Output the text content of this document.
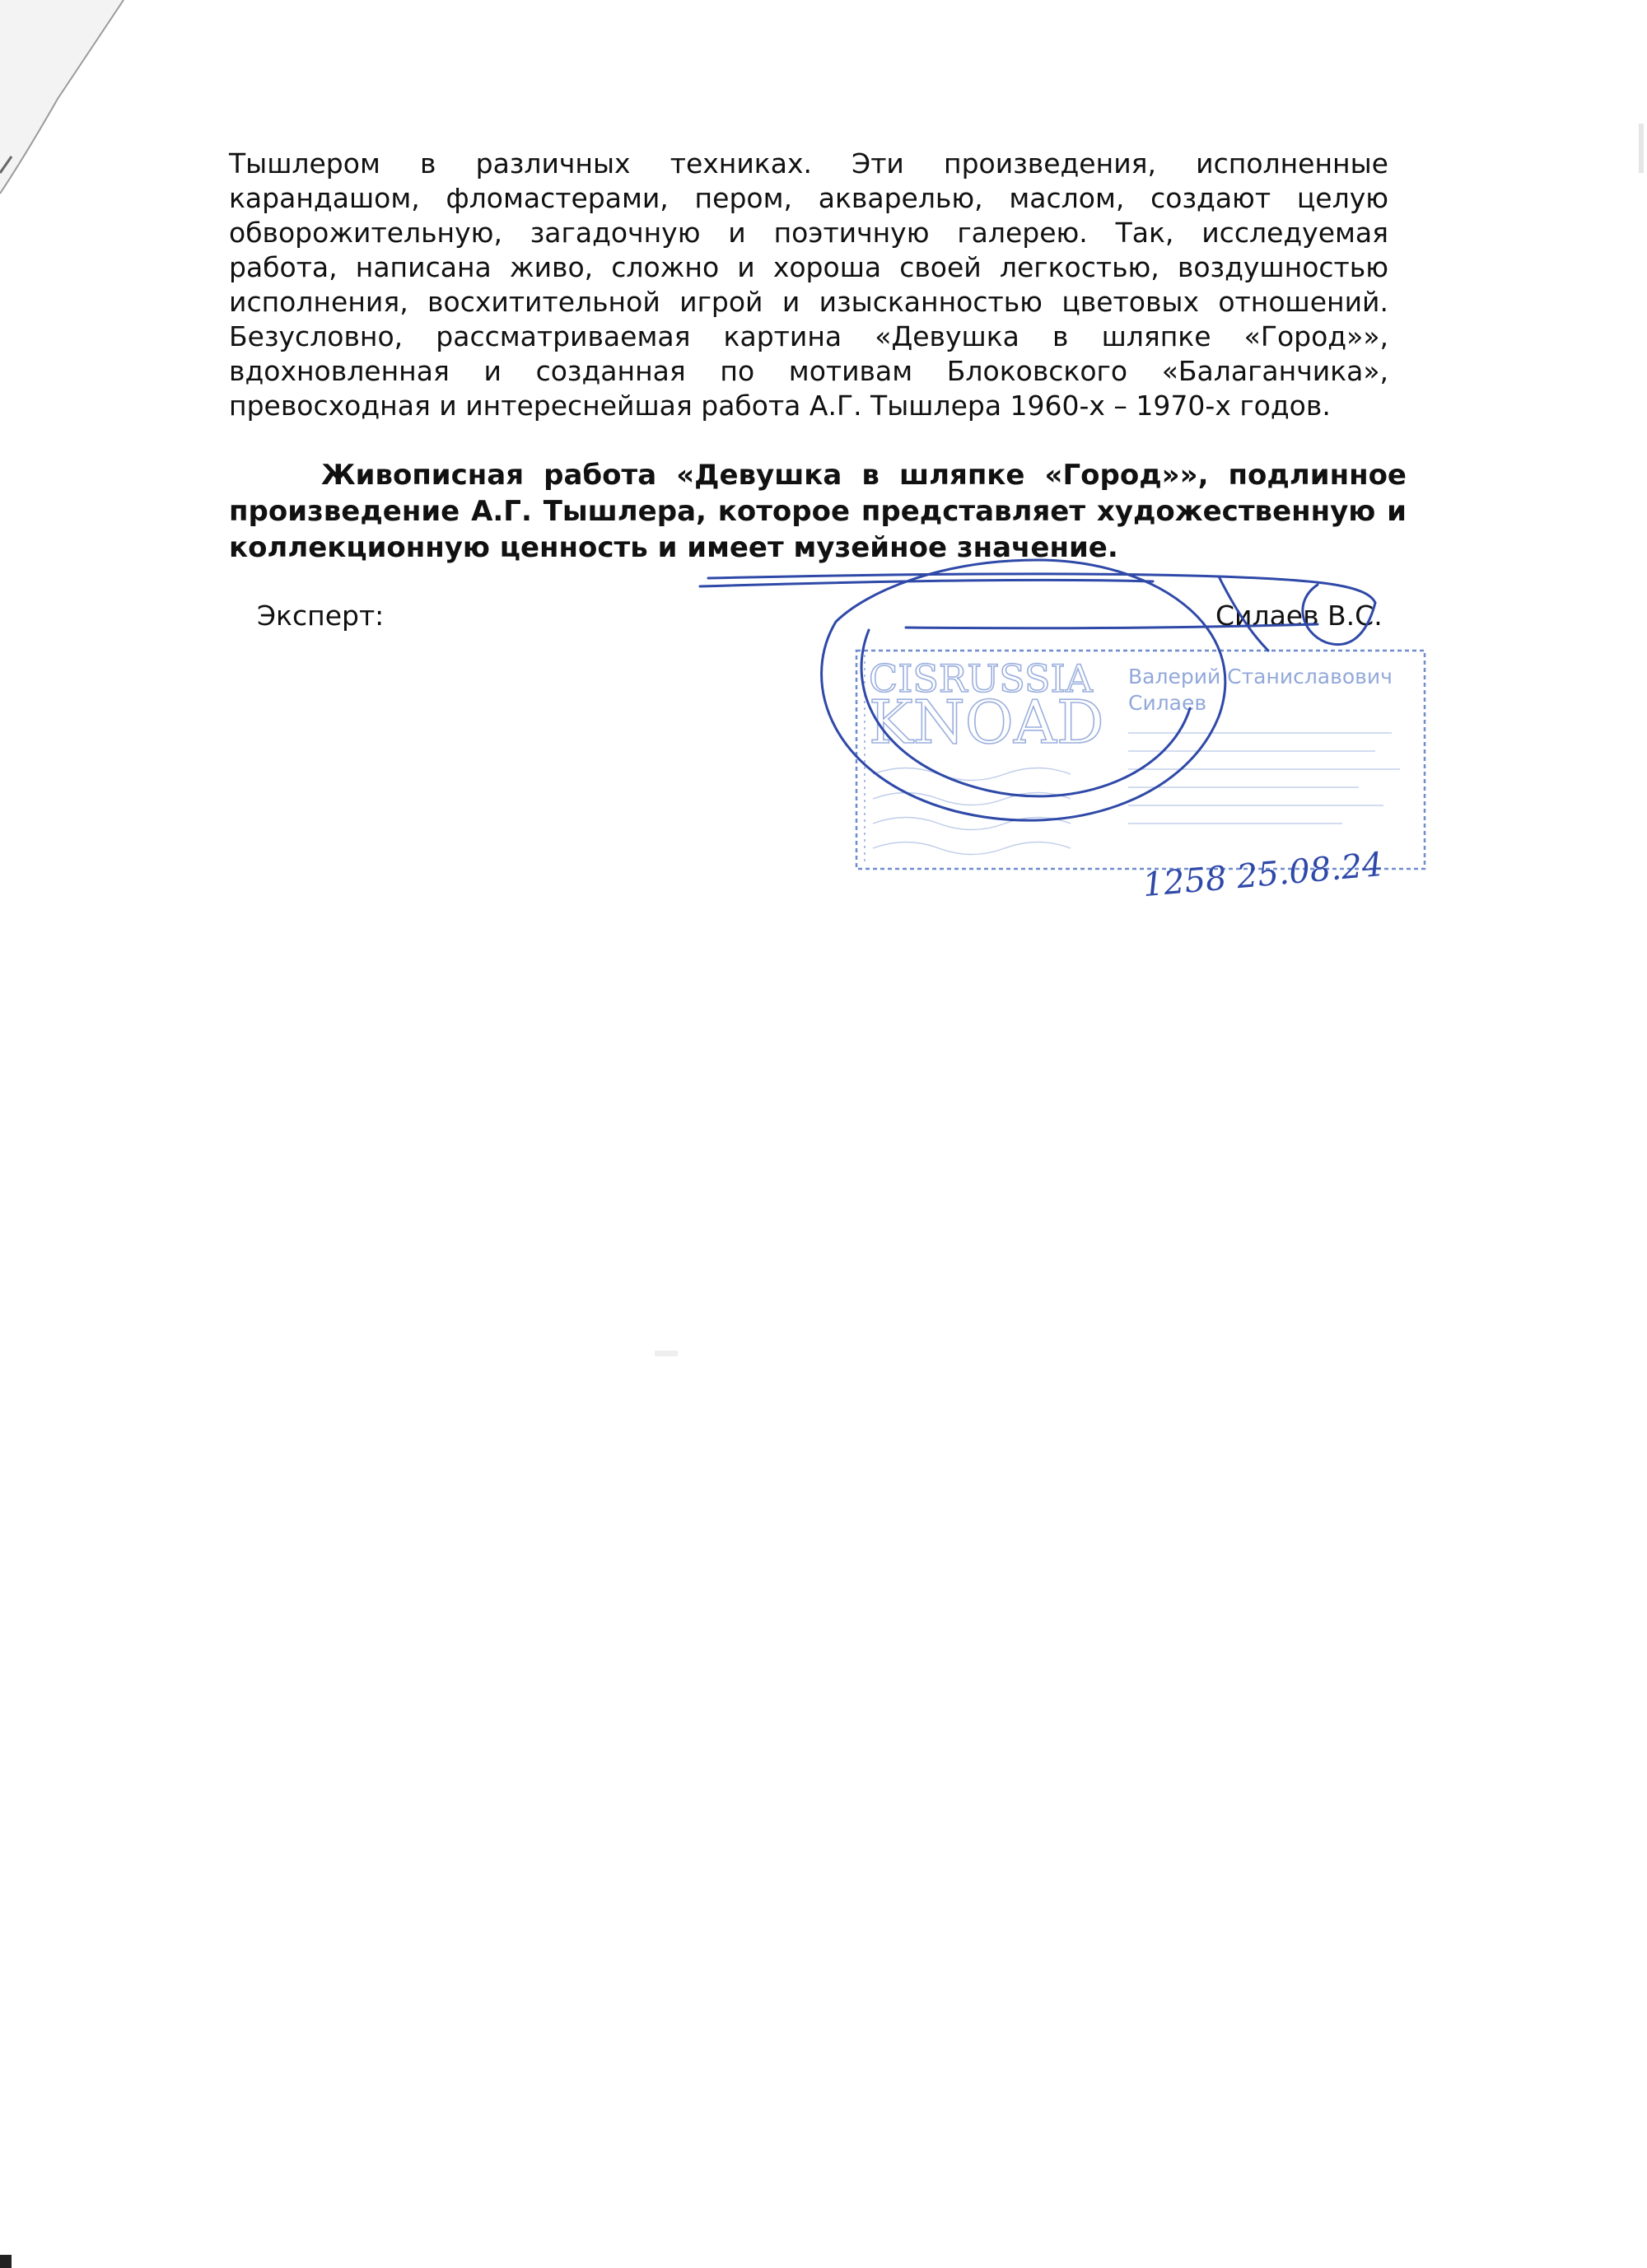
Тышлером в различных техниках. Эти произведения, исполненные
карандашом, фломастерами, пером, акварелью, маслом, создают целую
обворожительную, загадочную и поэтичную галерею. Так, исследуемая
работа, написана живо, сложно и хороша своей легкостью, воздушностью
исполнения, восхитительной игрой и изысканностью цветовых отношений.
Безусловно, рассматриваемая картина «Девушка в шляпке «Город»»,
вдохновленная и созданная по мотивам Блоковского «Балаганчика»,
превосходная и интереснейшая работа А.Г. Тышлера 1960-х – 1970-х годов.
Живописная работа «Девушка в шляпке «Город»», подлинное
произведение А.Г. Тышлера, которое представляет художественную и
коллекционную ценность и имеет музейное значение.
Эксперт:	Силаев В.С.
CISRUSSIA
KNOAD
Валерий Станиславович
Силаев
1258 25.08.24
